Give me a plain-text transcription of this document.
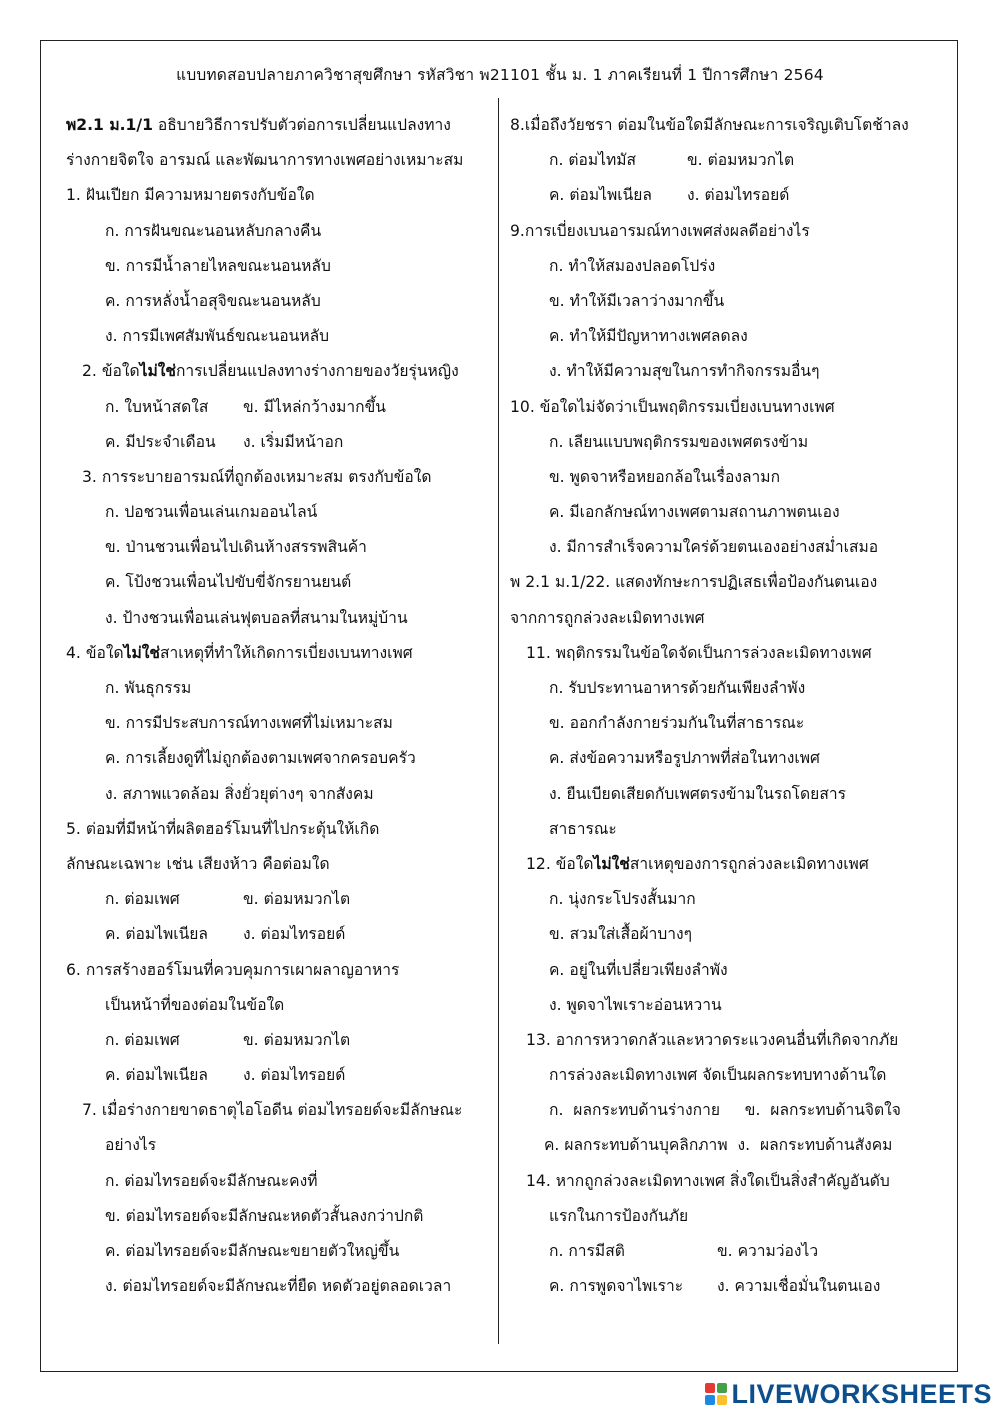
แบบทดสอบปลายภาควิชาสุขศึกษา รหัสวิชา พ21101 ชั้น ม. 1 ภาคเรียนที่ 1 ปีการศึกษา 2564
พ2.1 ม.1/1 อธิบายวิธีการปรับตัวต่อการเปลี่ยนแปลงทาง
ร่างกายจิตใจ อารมณ์ และพัฒนาการทางเพศอย่างเหมาะสม
1. ฝันเปียก มีความหมายตรงกับข้อใด
ก. การฝันขณะนอนหลับกลางคืน
ข. การมีน้ำลายไหลขณะนอนหลับ
ค. การหลั่งน้ำอสุจิขณะนอนหลับ
ง. การมีเพศสัมพันธ์ขณะนอนหลับ
2. ข้อใดไม่ใช่การเปลี่ยนแปลงทางร่างกายของวัยรุ่นหญิง
ก. ใบหน้าสดใส ข. มีไหล่กว้างมากขึ้น
ค. มีประจำเดือน ง. เริ่มมีหน้าอก
3. การระบายอารมณ์ที่ถูกต้องเหมาะสม ตรงกับข้อใด
ก. ปอชวนเพื่อนเล่นเกมออนไลน์
ข. ป่านชวนเพื่อนไปเดินห้างสรรพสินค้า
ค. โป้งชวนเพื่อนไปขับขี่จักรยานยนต์
ง. ป้างชวนเพื่อนเล่นฟุตบอลที่สนามในหมู่บ้าน
4. ข้อใดไม่ใช่สาเหตุที่ทำให้เกิดการเบี่ยงเบนทางเพศ
ก. พันธุกรรม
ข. การมีประสบการณ์ทางเพศที่ไม่เหมาะสม
ค. การเลี้ยงดูที่ไม่ถูกต้องตามเพศจากครอบครัว
ง. สภาพแวดล้อม สิ่งยั่วยุต่างๆ จากสังคม
5. ต่อมที่มีหน้าที่ผลิตฮอร์โมนที่ไปกระตุ้นให้เกิด
ลักษณะเฉพาะ เช่น เสียงห้าว คือต่อมใด
ก. ต่อมเพศ	ข. ต่อมหมวกไต
ค. ต่อมไพเนียล ง. ต่อมไทรอยด์
6. การสร้างฮอร์โมนที่ควบคุมการเผาผลาญอาหาร
เป็นหน้าที่ของต่อมในข้อใด
ก. ต่อมเพศ	ข. ต่อมหมวกไต
ค. ต่อมไพเนียล ง. ต่อมไทรอยด์
7. เมื่อร่างกายขาดธาตุไอโอดีน ต่อมไทรอยด์จะมีลักษณะ
อย่างไร
ก. ต่อมไทรอยด์จะมีลักษณะคงที่
ข. ต่อมไทรอยด์จะมีลักษณะหดตัวสั้นลงกว่าปกติ
ค. ต่อมไทรอยด์จะมีลักษณะขยายตัวใหญ่ขึ้น
ง. ต่อมไทรอยด์จะมีลักษณะที่ยืด หดตัวอยู่ตลอดเวลา
8.เมื่อถึงวัยชรา ต่อมในข้อใดมีลักษณะการเจริญเติบโตช้าลง
ก. ต่อมไทมัส	ข. ต่อมหมวกไต
ค. ต่อมไพเนียล ง. ต่อมไทรอยด์
9.การเบี่ยงเบนอารมณ์ทางเพศส่งผลดีอย่างไร
ก. ทำให้สมองปลอดโปร่ง
ข. ทำให้มีเวลาว่างมากขึ้น
ค. ทำให้มีปัญหาทางเพศลดลง
ง. ทำให้มีความสุขในการทำกิจกรรมอื่นๆ
10. ข้อใดไม่จัดว่าเป็นพฤติกรรมเบี่ยงเบนทางเพศ
ก. เลียนแบบพฤติกรรมของเพศตรงข้าม
ข. พูดจาหรือหยอกล้อในเรื่องลามก
ค. มีเอกลักษณ์ทางเพศตามสถานภาพตนเอง
ง. มีการสำเร็จความใคร่ด้วยตนเองอย่างสม่ำเสมอ
พ 2.1 ม.1/22. แสดงทักษะการปฏิเสธเพื่อป้องกันตนเอง
จากการถูกล่วงละเมิดทางเพศ
11. พฤติกรรมในข้อใดจัดเป็นการล่วงละเมิดทางเพศ
ก. รับประทานอาหารด้วยกันเพียงลำพัง
ข. ออกกำลังกายร่วมกันในที่สาธารณะ
ค. ส่งข้อความหรือรูปภาพที่ส่อในทางเพศ
ง. ยืนเบียดเสียดกับเพศตรงข้ามในรถโดยสาร
สาธารณะ
12. ข้อใดไม่ใช่สาเหตุของการถูกล่วงละเมิดทางเพศ
ก. นุ่งกระโปรงสั้นมาก
ข. สวมใส่เสื้อผ้าบางๆ
ค. อยู่ในที่เปลี่ยวเพียงลำพัง
ง. พูดจาไพเราะอ่อนหวาน
13. อาการหวาดกลัวและหวาดระแวงคนอื่นที่เกิดจากภัย
การล่วงละเมิดทางเพศ จัดเป็นผลกระทบทางด้านใด
ก.  ผลกระทบด้านร่างกาย     ข.  ผลกระทบด้านจิตใจ
ค. ผลกระทบด้านบุคลิกภาพ  ง.  ผลกระทบด้านสังคม
14. หากถูกล่วงละเมิดทางเพศ สิ่งใดเป็นสิ่งสำคัญอันดับ
แรกในการป้องกันภัย
ก. การมีสติ	ข. ความว่องไว
ค. การพูดจาไพเราะ ง. ความเชื่อมั่นในตนเอง
LIVEWORKSHEETS
